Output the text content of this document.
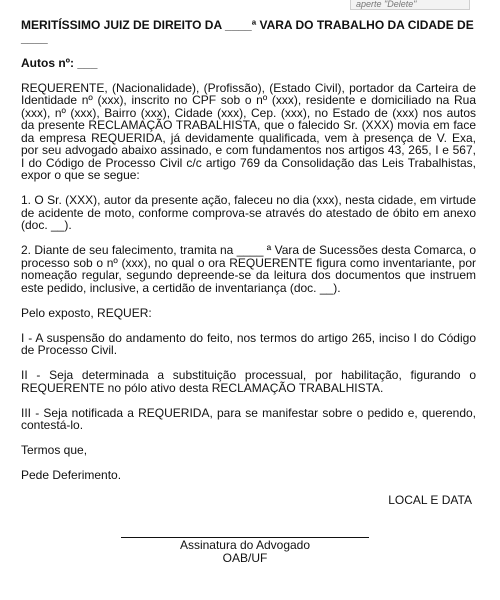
aperte "Delete"

MERITÍSSIMO JUIZ DE DIREITO DA ____ª VARA DO TRABALHO DA CIDADE DE ____

Autos nº: ___

REQUERENTE, (Nacionalidade), (Profissão), (Estado Civil), portador da Carteira de Identidade nº (xxx), inscrito no CPF sob o nº (xxx), residente e domiciliado na Rua (xxx), nº (xxx), Bairro (xxx), Cidade (xxx), Cep. (xxx), no Estado de (xxx) nos autos da presente RECLAMAÇÃO TRABALHISTA, que o falecido Sr. (XXX) movia em face da empresa REQUERIDA, já devidamente qualificada, vem à presença de V. Exa, por seu advogado abaixo assinado, e com fundamentos nos artigos 43, 265, I e 567, I do Código de Processo Civil c/c artigo 769 da Consolidação das Leis Trabalhistas, expor o que se segue:

1. O Sr. (XXX), autor da presente ação, faleceu no dia (xxx), nesta cidade, em virtude de acidente de moto, conforme comprova-se através do atestado de óbito em anexo (doc. __).

2. Diante de seu falecimento, tramita na ____ ª Vara de Sucessões desta Comarca, o processo sob o nº (xxx), no qual o ora REQUERENTE figura como inventariante, por nomeação regular, segundo depreende-se da leitura dos documentos que instruem este pedido, inclusive, a certidão de inventariança (doc. __).

Pelo exposto, REQUER:

I - A suspensão do andamento do feito, nos termos do artigo 265, inciso I do Código de Processo Civil.

II - Seja determinada a substituição processual, por habilitação, figurando o REQUERENTE no pólo ativo desta RECLAMAÇÃO TRABALHISTA.

III - Seja notificada a REQUERIDA, para se manifestar sobre o pedido e, querendo, contestá-lo.

Termos que,

Pede Deferimento.

LOCAL E DATA

Assinatura do Advogado
OAB/UF
